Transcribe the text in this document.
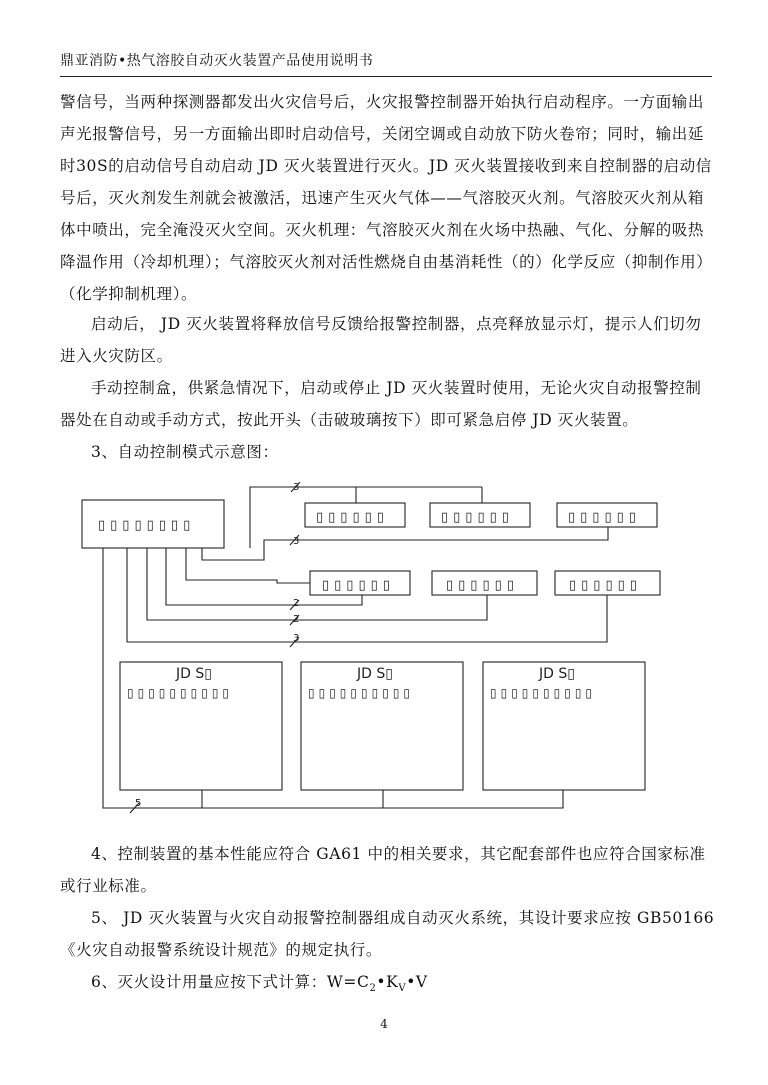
鼎亚消防•热气溶胶自动灭火装置产品使用说明书
警信号，当两种探测器都发出火灾信号后，火灾报警控制器开始执行启动程序。一方面输出声光报警信号，另一方面输出即时启动信号，关闭空调或自动放下防火卷帘；同时，输出延时30S的启动信号自动启动 JD 灭火装置进行灭火。JD 灭火装置接收到来自控制器的启动信号后，灭火剂发生剂就会被激活，迅速产生灭火气体——气溶胶灭火剂。气溶胶灭火剂从箱体中喷出，完全淹没灭火空间。灭火机理：气溶胶灭火剂在火场中热融、气化、分解的吸热降温作用（冷却机理）；气溶胶灭火剂对活性燃烧自由基消耗性（的）化学反应（抑制作用）（化学抑制机理）。
启动后， JD 灭火装置将释放信号反馈给报警控制器，点亮释放显示灯，提示人们切勿进入火灾防区。
手动控制盒，供紧急情况下，启动或停止 JD 灭火装置时使用，无论火灾自动报警控制器处在自动或手动方式，按此开头（击破玻璃按下）即可紧急启停 JD 灭火装置。
3、自动控制模式示意图：
▯▯▯▯▯▯▯▯
▯▯▯▯▯▯	▯▯▯▯▯▯	▯▯▯▯▯▯
▯▯▯▯▯▯	▯▯▯▯▯▯	▯▯▯▯▯▯
JD S▯	JD S▯	JD S▯
▯▯▯▯▯▯▯▯▯▯	▯▯▯▯▯▯▯▯▯▯	▯▯▯▯▯▯▯▯▯▯
3
3
2
2
3
5
4、控制装置的基本性能应符合 GA61 中的相关要求，其它配套部件也应符合国家标准或行业标准。
5、 JD 灭火装置与火灾自动报警控制器组成自动灭火系统，其设计要求应按 GB50166《火灾自动报警系统设计规范》的规定执行。
6、灭火设计用量应按下式计算：$W=C_2•K_V•V$
4
